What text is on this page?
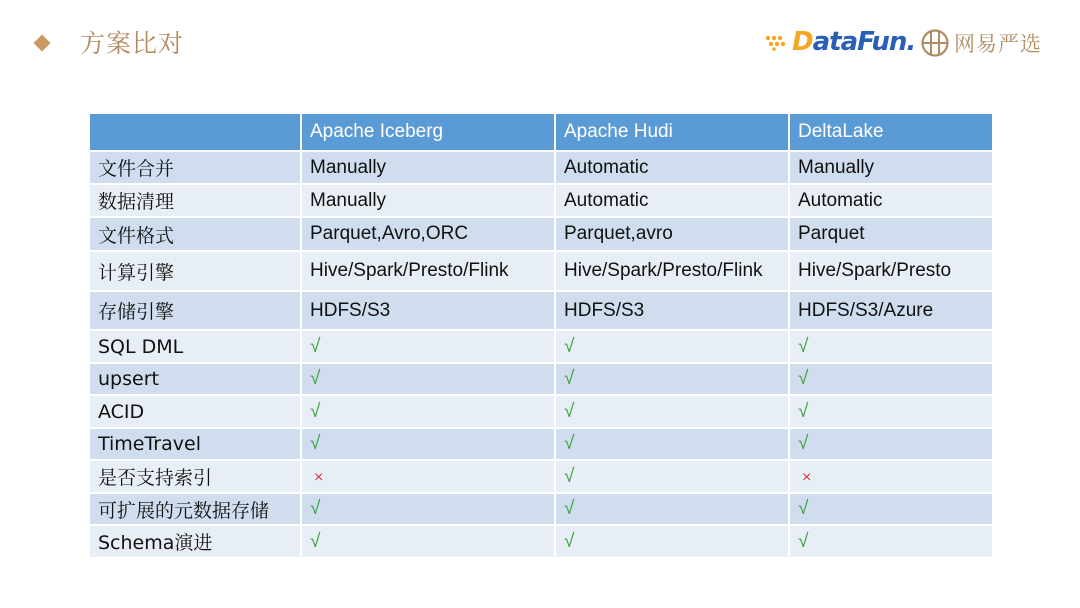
方案比对	DataFun. 网易严选
	Apache Iceberg	Apache Hudi	DeltaLake
文件合并	Manually	Automatic	Manually
数据清理	Manually	Automatic	Automatic
文件格式	Parquet,Avro,ORC	Parquet,avro	Parquet
计算引擎	Hive/Spark/Presto/Flink	Hive/Spark/Presto/Flink	Hive/Spark/Presto
存储引擎	HDFS/S3	HDFS/S3	HDFS/S3/Azure
SQL DML	√	√	√
upsert	√	√	√
ACID	√	√	√
TimeTravel	√	√	√
是否支持索引	×	√	×
可扩展的元数据存储	√	√	√
Schema演进	√	√	√
